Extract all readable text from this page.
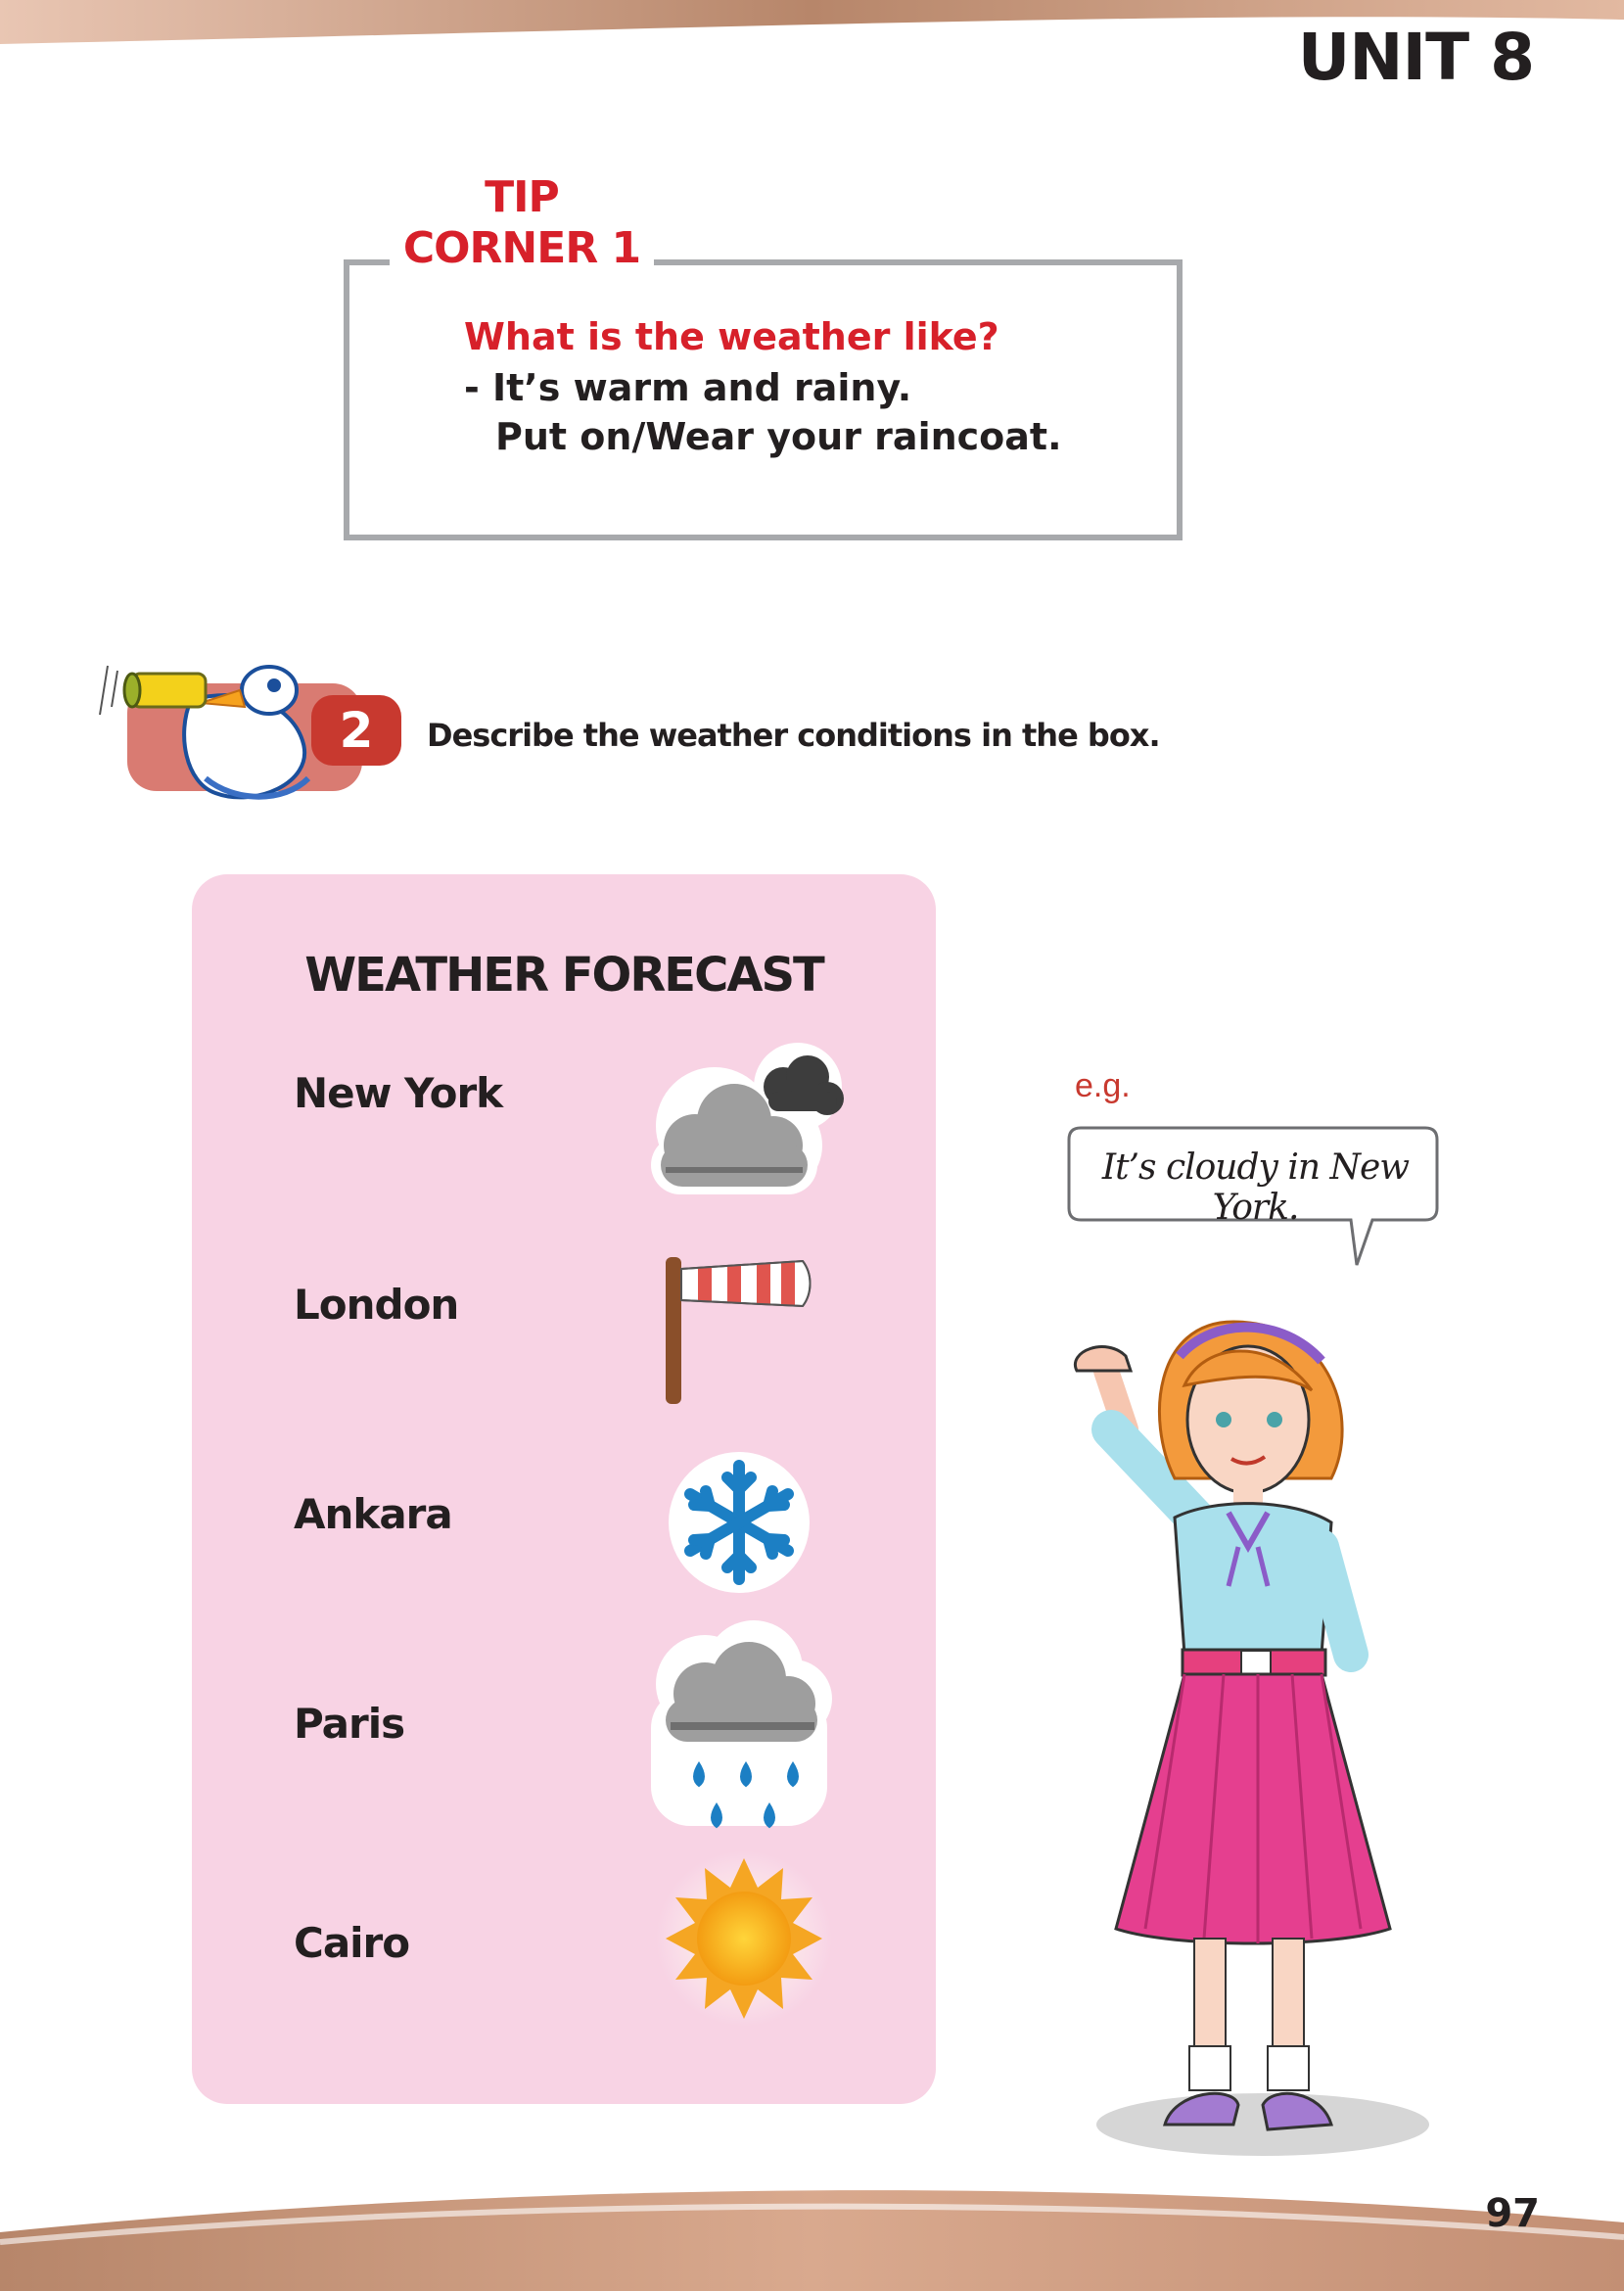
UNIT 8
TIP
CORNER 1
What is the weather like?
- It’s warm and rainy.
Put on/Wear your raincoat.
2	Describe the weather conditions in the box.
WEATHER FORECAST
New York
London
Ankara
Paris
Cairo
e.g.
It’s cloudy in New York.
97
